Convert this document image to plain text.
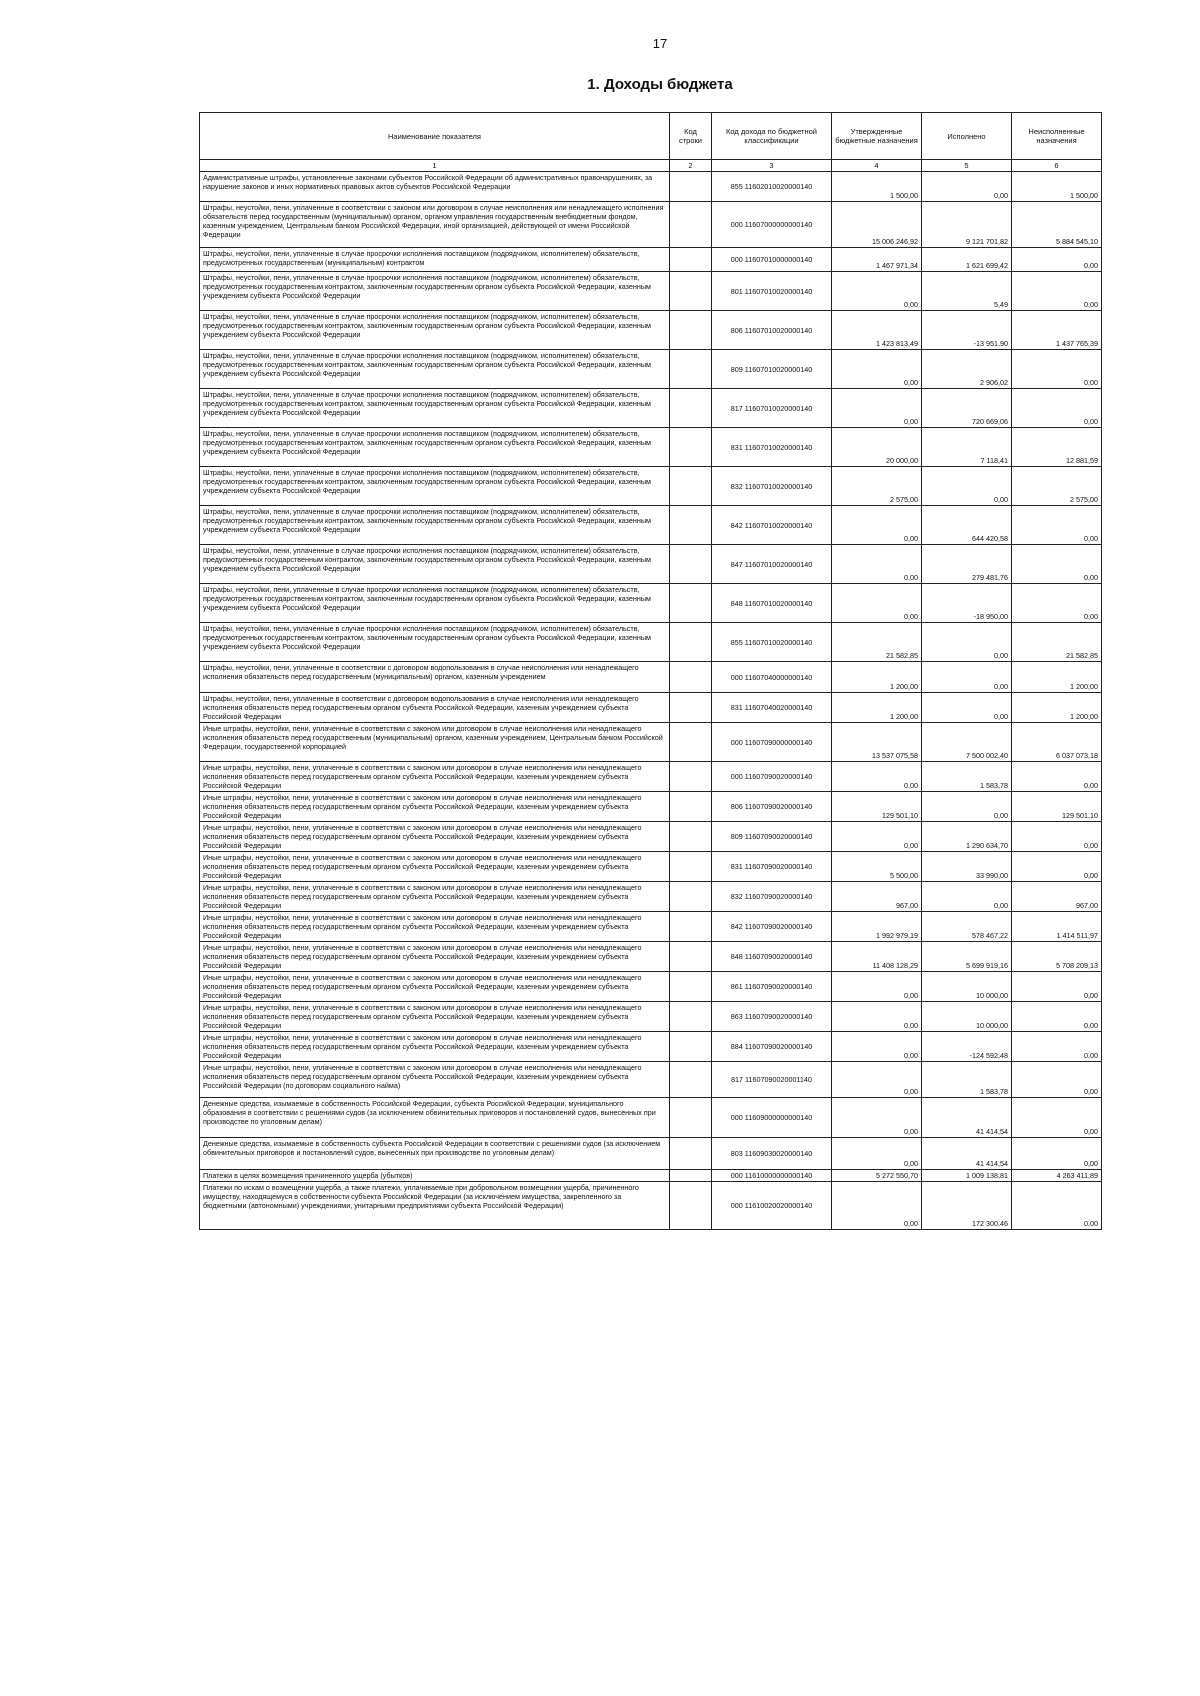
17
1. Доходы бюджета
Наименование показателя	Код строки	Код дохода по бюджетной классификации	Утвержденные бюджетные назначения	Исполнено	Неисполненные назначения
1	2	3	4	5	6
Административные штрафы, установленные законами субъектов Российской Федерации об административных правонарушениях, за нарушение законов и иных нормативных правовых актов субъектов Российской Федерации		855 11602010020000140	1 500,00	0,00	1 500,00
Штрафы, неустойки, пени, уплаченные в соответствии с законом или договором в случае неисполнения или ненадлежащего исполнения обязательств перед государственным (муниципальным) органом, органом управления государственным внебюджетным фондом, казенным учреждением, Центральным банком Российской Федерации, иной организацией, действующей от имени Российской Федерации		000 11607000000000140	15 006 246,92	9 121 701,82	5 884 545,10
Штрафы, неустойки, пени, уплаченные в случае просрочки исполнения поставщиком (подрядчиком, исполнителем) обязательств, предусмотренных государственным (муниципальным) контрактом		000 11607010000000140	1 467 971,34	1 621 699,42	0,00
Штрафы, неустойки, пени, уплаченные в случае просрочки исполнения поставщиком (подрядчиком, исполнителем) обязательств, предусмотренных государственным контрактом, заключенным государственным органом субъекта Российской Федерации, казенным учреждением субъекта Российской Федерации		801 11607010020000140	0,00	5,49	0,00
Штрафы, неустойки, пени, уплаченные в случае просрочки исполнения поставщиком (подрядчиком, исполнителем) обязательств, предусмотренных государственным контрактом, заключенным государственным органом субъекта Российской Федерации, казенным учреждением субъекта Российской Федерации		806 11607010020000140	1 423 813,49	-13 951,90	1 437 765,39
Штрафы, неустойки, пени, уплаченные в случае просрочки исполнения поставщиком (подрядчиком, исполнителем) обязательств, предусмотренных государственным контрактом, заключенным государственным органом субъекта Российской Федерации, казенным учреждением субъекта Российской Федерации		809 11607010020000140	0,00	2 906,02	0,00
Штрафы, неустойки, пени, уплаченные в случае просрочки исполнения поставщиком (подрядчиком, исполнителем) обязательств, предусмотренных государственным контрактом, заключенным государственным органом субъекта Российской Федерации, казенным учреждением субъекта Российской Федерации		817 11607010020000140	0,00	720 669,06	0,00
Штрафы, неустойки, пени, уплаченные в случае просрочки исполнения поставщиком (подрядчиком, исполнителем) обязательств, предусмотренных государственным контрактом, заключенным государственным органом субъекта Российской Федерации, казенным учреждением субъекта Российской Федерации		831 11607010020000140	20 000,00	7 118,41	12 881,59
Штрафы, неустойки, пени, уплаченные в случае просрочки исполнения поставщиком (подрядчиком, исполнителем) обязательств, предусмотренных государственным контрактом, заключенным государственным органом субъекта Российской Федерации, казенным учреждением субъекта Российской Федерации		832 11607010020000140	2 575,00	0,00	2 575,00
Штрафы, неустойки, пени, уплаченные в случае просрочки исполнения поставщиком (подрядчиком, исполнителем) обязательств, предусмотренных государственным контрактом, заключенным государственным органом субъекта Российской Федерации, казенным учреждением субъекта Российской Федерации		842 11607010020000140	0,00	644 420,58	0,00
Штрафы, неустойки, пени, уплаченные в случае просрочки исполнения поставщиком (подрядчиком, исполнителем) обязательств, предусмотренных государственным контрактом, заключенным государственным органом субъекта Российской Федерации, казенным учреждением субъекта Российской Федерации		847 11607010020000140	0,00	279 481,76	0,00
Штрафы, неустойки, пени, уплаченные в случае просрочки исполнения поставщиком (подрядчиком, исполнителем) обязательств, предусмотренных государственным контрактом, заключенным государственным органом субъекта Российской Федерации, казенным учреждением субъекта Российской Федерации		848 11607010020000140	0,00	-18 950,00	0,00
Штрафы, неустойки, пени, уплаченные в случае просрочки исполнения поставщиком (подрядчиком, исполнителем) обязательств, предусмотренных государственным контрактом, заключенным государственным органом субъекта Российской Федерации, казенным учреждением субъекта Российской Федерации		855 11607010020000140	21 582,85	0,00	21 582,85
Штрафы, неустойки, пени, уплаченные в соответствии с договором водопользования в случае неисполнения или ненадлежащего исполнения обязательств перед государственным (муниципальным) органом, казенным учреждением		000 11607040000000140	1 200,00	0,00	1 200,00
Штрафы, неустойки, пени, уплаченные в соответствии с договором водопользования в случае неисполнения или ненадлежащего исполнения обязательств перед государственным органом субъекта Российской Федерации, казенным учреждением субъекта Российской Федерации		831 11607040020000140	1 200,00	0,00	1 200,00
Иные штрафы, неустойки, пени, уплаченные в соответствии с законом или договором в случае неисполнения или ненадлежащего исполнения обязательств перед государственным (муниципальным) органом, казенным учреждением, Центральным банком Российской Федерации, государственной корпорацией		000 11607090000000140	13 537 075,58	7 500 002,40	6 037 073,18
Иные штрафы, неустойки, пени, уплаченные в соответствии с законом или договором в случае неисполнения или ненадлежащего исполнения обязательств перед государственным органом субъекта Российской Федерации, казенным учреждением субъекта Российской Федерации		000 11607090020000140	0,00	1 583,78	0,00
Иные штрафы, неустойки, пени, уплаченные в соответствии с законом или договором в случае неисполнения или ненадлежащего исполнения обязательств перед государственным органом субъекта Российской Федерации, казенным учреждением субъекта Российской Федерации		806 11607090020000140	129 501,10	0,00	129 501,10
Иные штрафы, неустойки, пени, уплаченные в соответствии с законом или договором в случае неисполнения или ненадлежащего исполнения обязательств перед государственным органом субъекта Российской Федерации, казенным учреждением субъекта Российской Федерации		809 11607090020000140	0,00	1 290 634,70	0,00
Иные штрафы, неустойки, пени, уплаченные в соответствии с законом или договором в случае неисполнения или ненадлежащего исполнения обязательств перед государственным органом субъекта Российской Федерации, казенным учреждением субъекта Российской Федерации		831 11607090020000140	5 500,00	33 990,00	0,00
Иные штрафы, неустойки, пени, уплаченные в соответствии с законом или договором в случае неисполнения или ненадлежащего исполнения обязательств перед государственным органом субъекта Российской Федерации, казенным учреждением субъекта Российской Федерации		832 11607090020000140	967,00	0,00	967,00
Иные штрафы, неустойки, пени, уплаченные в соответствии с законом или договором в случае неисполнения или ненадлежащего исполнения обязательств перед государственным органом субъекта Российской Федерации, казенным учреждением субъекта Российской Федерации		842 11607090020000140	1 992 979,19	578 467,22	1 414 511,97
Иные штрафы, неустойки, пени, уплаченные в соответствии с законом или договором в случае неисполнения или ненадлежащего исполнения обязательств перед государственным органом субъекта Российской Федерации, казенным учреждением субъекта Российской Федерации		848 11607090020000140	11 408 128,29	5 699 919,16	5 708 209,13
Иные штрафы, неустойки, пени, уплаченные в соответствии с законом или договором в случае неисполнения или ненадлежащего исполнения обязательств перед государственным органом субъекта Российской Федерации, казенным учреждением субъекта Российской Федерации		861 11607090020000140	0,00	10 000,00	0,00
Иные штрафы, неустойки, пени, уплаченные в соответствии с законом или договором в случае неисполнения или ненадлежащего исполнения обязательств перед государственным органом субъекта Российской Федерации, казенным учреждением субъекта Российской Федерации		863 11607090020000140	0,00	10 000,00	0,00
Иные штрафы, неустойки, пени, уплаченные в соответствии с законом или договором в случае неисполнения или ненадлежащего исполнения обязательств перед государственным органом субъекта Российской Федерации, казенным учреждением субъекта Российской Федерации		884 11607090020000140	0,00	-124 592,48	0,00
Иные штрафы, неустойки, пени, уплаченные в соответствии с законом или договором в случае неисполнения или ненадлежащего исполнения обязательств перед государственным органом субъекта Российской Федерации, казенным учреждением субъекта Российской Федерации (по договорам социального найма)		817 11607090020001140	0,00	1 583,78	0,00
Денежные средства, изымаемые в собственность Российской Федерации, субъекта Российской Федерации, муниципального образования в соответствии с решениями судов (за исключением обвинительных приговоров и постановлений судов, вынесенных при производстве по уголовным делам)		000 11609000000000140	0,00	41 414,54	0,00
Денежные средства, изымаемые в собственность субъекта Российской Федерации в соответствии с решениями судов (за исключением обвинительных приговоров и постановлений судов, вынесенных при производстве по уголовным делам)		803 11609030020000140	0,00	41 414,54	0,00
Платежи в целях возмещения причиненного ущерба (убытков)		000 11610000000000140	5 272 550,70	1 009 138,81	4 263 411,89
Платежи по искам о возмещении ущерба, а также платежи, уплачиваемые при добровольном возмещении ущерба, причиненного имуществу, находящемуся в собственности субъекта Российской Федерации (за исключением имущества, закрепленного за бюджетными (автономными) учреждениями, унитарными предприятиями субъекта Российской Федерации)		000 11610020020000140	0,00	172 300,46	0,00
